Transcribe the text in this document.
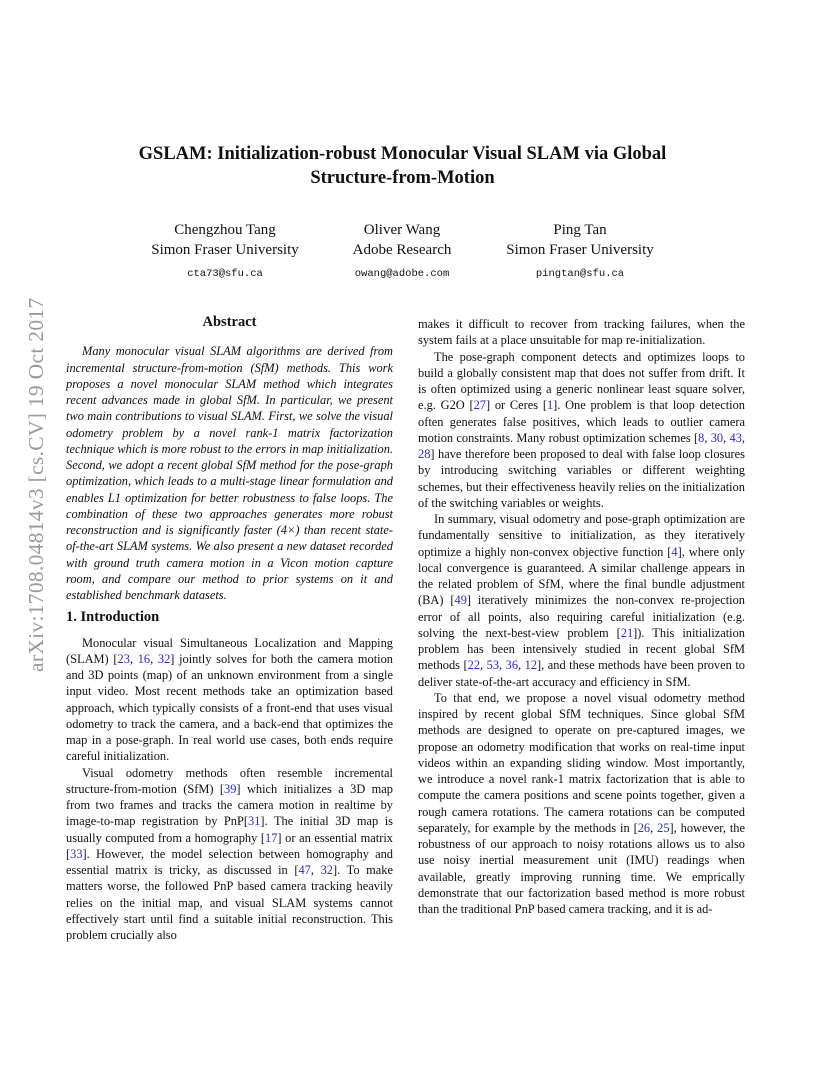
arXiv:1708.04814v3 [cs.CV] 19 Oct 2017
GSLAM: Initialization-robust Monocular Visual SLAM via Global
Structure-from-Motion
Chengzhou Tang
Simon Fraser University
cta73@sfu.ca
Oliver Wang
Adobe Research
owang@adobe.com
Ping Tan
Simon Fraser University
pingtan@sfu.ca
Abstract

Many monocular visual SLAM algorithms are derived from incremental structure-from-motion (SfM) methods. This work proposes a novel monocular SLAM method which integrates recent advances made in global SfM. In particular, we present two main contributions to visual SLAM. First, we solve the visual odometry problem by a novel rank-1 matrix factorization technique which is more robust to the errors in map initialization. Second, we adopt a recent global SfM method for the pose-graph optimization, which leads to a multi-stage linear formulation and enables L1 optimization for better robustness to false loops. The combination of these two approaches generates more robust reconstruction and is significantly faster (4×) than recent state-of-the-art SLAM systems. We also present a new dataset recorded with ground truth camera motion in a Vicon motion capture room, and compare our method to prior systems on it and established benchmark datasets.

1. Introduction

Monocular visual Simultaneous Localization and Mapping (SLAM) [23, 16, 32] jointly solves for both the camera motion and 3D points (map) of an unknown environment from a single input video. Most recent methods take an optimization based approach, which typically consists of a front-end that uses visual odometry to track the camera, and a back-end that optimizes the map in a pose-graph. In real world use cases, both ends require careful initialization.

Visual odometry methods often resemble incremental structure-from-motion (SfM) [39] which initializes a 3D map from two frames and tracks the camera motion in realtime by image-to-map registration by PnP[31]. The initial 3D map is usually computed from a homography [17] or an essential matrix [33]. However, the model selection between homography and essential matrix is tricky, as discussed in [47, 32]. To make matters worse, the followed PnP based camera tracking heavily relies on the initial map, and visual SLAM systems cannot effectively start until find a suitable initial reconstruction. This problem crucially also

makes it difficult to recover from tracking failures, when the system fails at a place unsuitable for map re-initialization.

The pose-graph component detects and optimizes loops to build a globally consistent map that does not suffer from drift. It is often optimized using a generic nonlinear least square solver, e.g. G2O [27] or Ceres [1]. One problem is that loop detection often generates false positives, which leads to outlier camera motion constraints. Many robust optimization schemes [8, 30, 43, 28] have therefore been proposed to deal with false loop closures by introducing switching variables or different weighting schemes, but their effectiveness heavily relies on the initialization of the switching variables or weights.

In summary, visual odometry and pose-graph optimization are fundamentally sensitive to initialization, as they iteratively optimize a highly non-convex objective function [4], where only local convergence is guaranteed. A similar challenge appears in the related problem of SfM, where the final bundle adjustment (BA) [49] iteratively minimizes the non-convex re-projection error of all points, also requiring careful initialization (e.g. solving the next-best-view problem [21]). This initialization problem has been intensively studied in recent global SfM methods [22, 53, 36, 12], and these methods have been proven to deliver state-of-the-art accuracy and efficiency in SfM.

To that end, we propose a novel visual odometry method inspired by recent global SfM techniques. Since global SfM methods are designed to operate on pre-captured images, we propose an odometry modification that works on real-time input videos within an expanding sliding window. Most importantly, we introduce a novel rank-1 matrix factorization that is able to compute the camera positions and scene points together, given a rough camera rotations. The camera rotations can be computed separately, for example by the methods in [26, 25], however, the robustness of our approach to noisy rotations allows us to also use noisy inertial measurement unit (IMU) readings when available, greatly improving running time. We emprically demonstrate that our factorization based method is more robust than the traditional PnP based camera tracking, and it is ad-
